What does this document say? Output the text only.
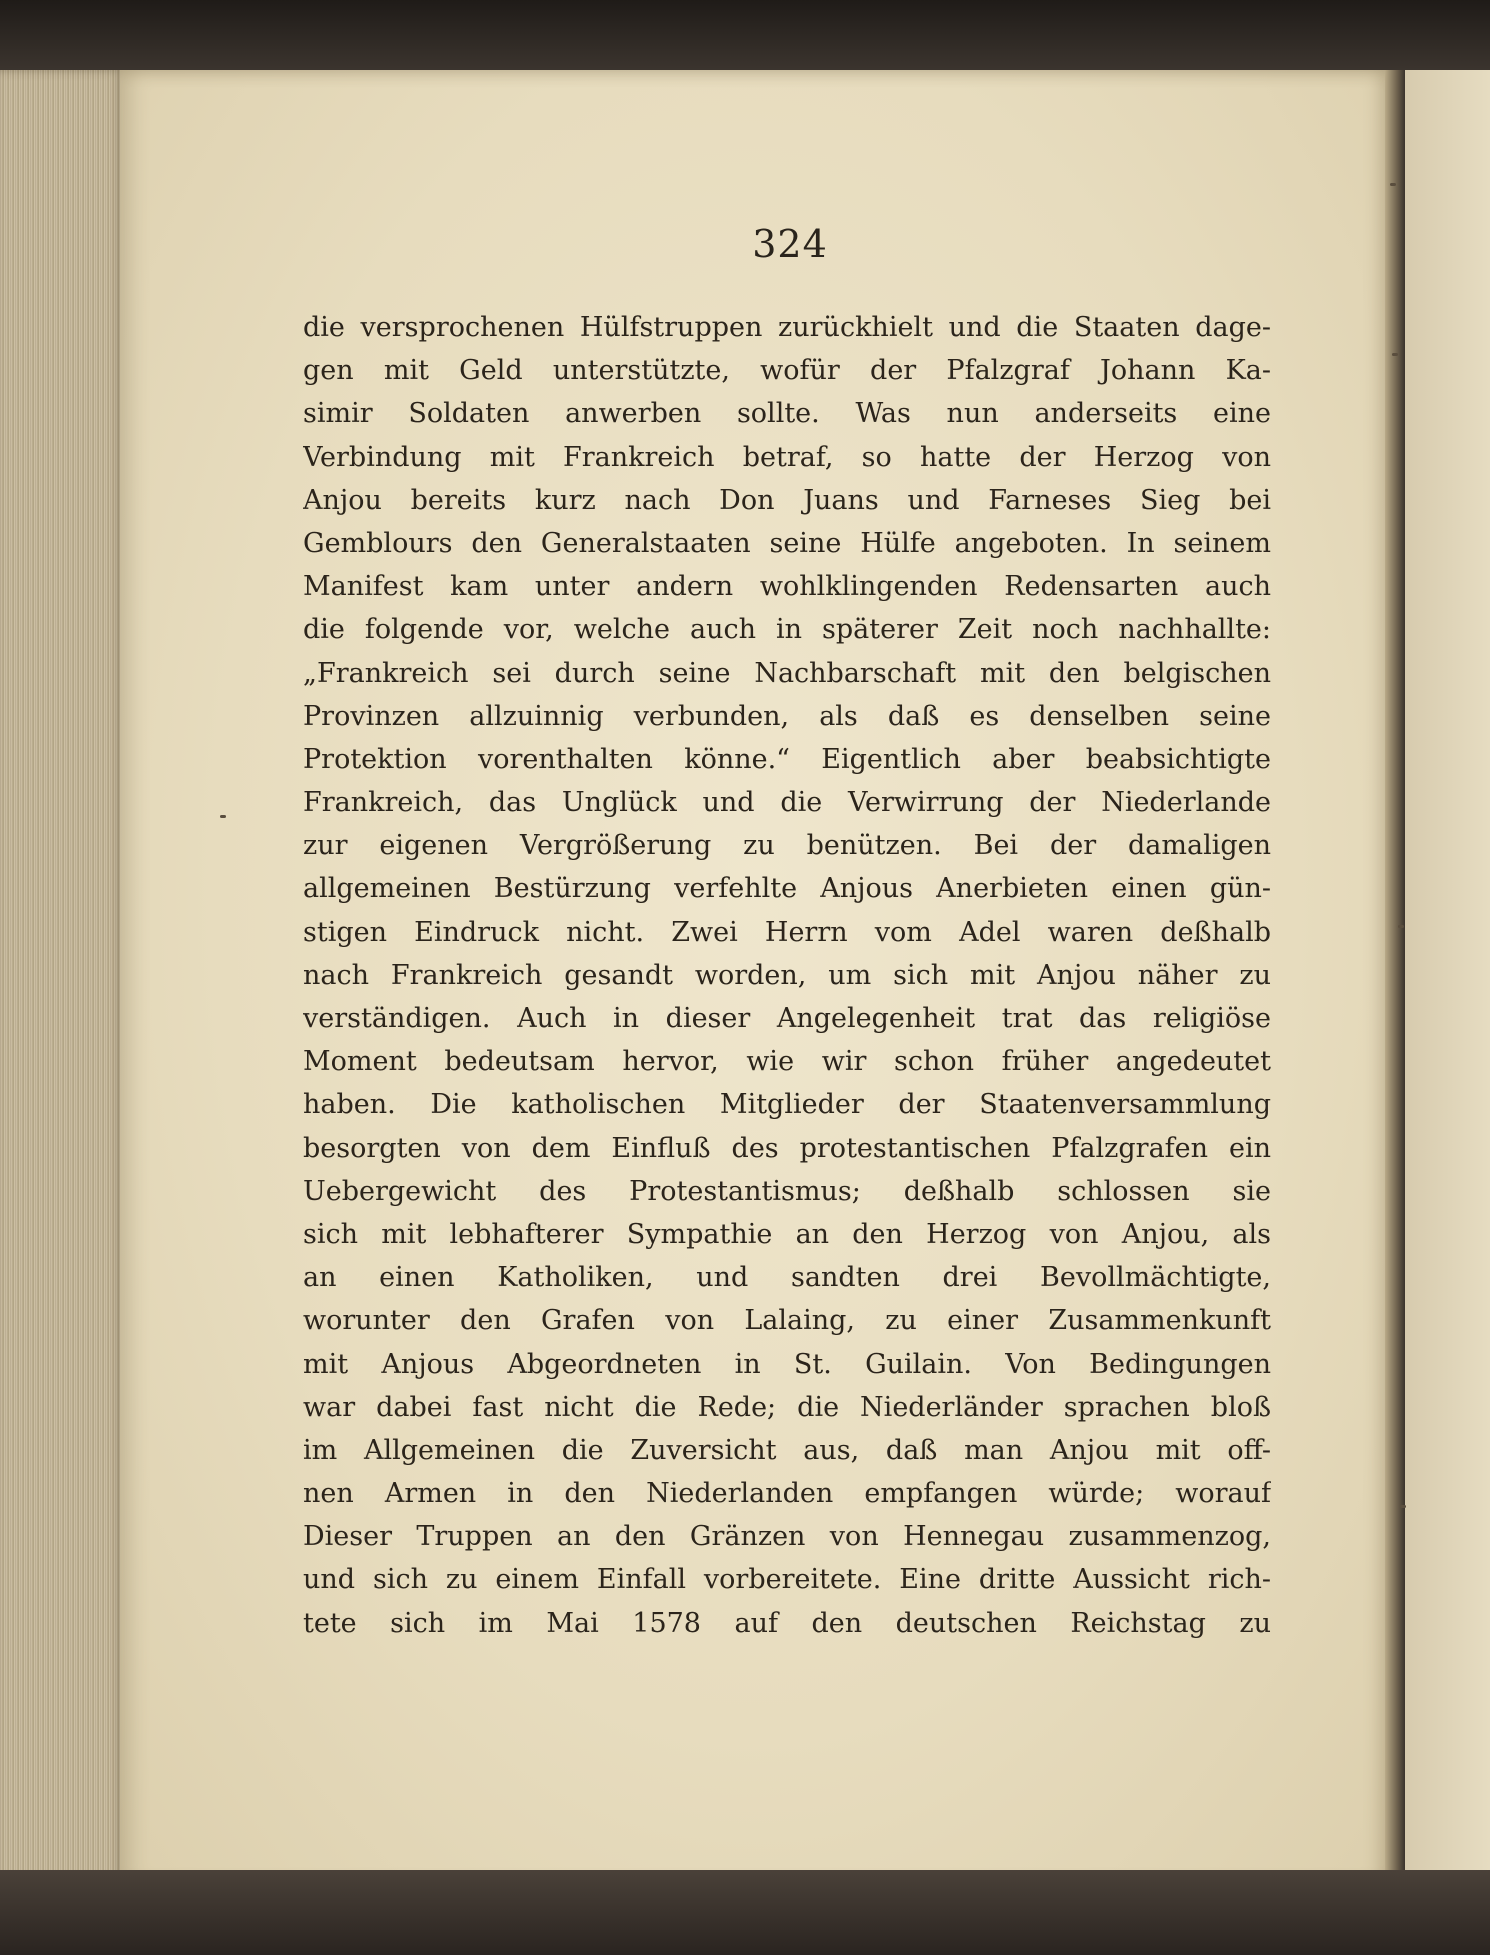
324
die versprochenen Hülfstruppen zurückhielt und die Staaten dage-
gen mit Geld unterstützte, wofür der Pfalzgraf Johann Ka-
simir Soldaten anwerben sollte. Was nun anderseits eine
Verbindung mit Frankreich betraf, so hatte der Herzog von
Anjou bereits kurz nach Don Juans und Farneses Sieg bei
Gemblours den Generalstaaten seine Hülfe angeboten. In seinem
Manifest kam unter andern wohlklingenden Redensarten auch
die folgende vor, welche auch in späterer Zeit noch nachhallte:
„Frankreich sei durch seine Nachbarschaft mit den belgischen
Provinzen allzuinnig verbunden, als daß es denselben seine
Protektion vorenthalten könne.“ Eigentlich aber beabsichtigte
Frankreich, das Unglück und die Verwirrung der Niederlande
zur eigenen Vergrößerung zu benützen. Bei der damaligen
allgemeinen Bestürzung verfehlte Anjous Anerbieten einen gün-
stigen Eindruck nicht. Zwei Herrn vom Adel waren deßhalb
nach Frankreich gesandt worden, um sich mit Anjou näher zu
verständigen. Auch in dieser Angelegenheit trat das religiöse
Moment bedeutsam hervor, wie wir schon früher angedeutet
haben. Die katholischen Mitglieder der Staatenversammlung
besorgten von dem Einfluß des protestantischen Pfalzgrafen ein
Uebergewicht des Protestantismus; deßhalb schlossen sie
sich mit lebhafterer Sympathie an den Herzog von Anjou, als
an einen Katholiken, und sandten drei Bevollmächtigte,
worunter den Grafen von Lalaing, zu einer Zusammenkunft
mit Anjous Abgeordneten in St. Guilain. Von Bedingungen
war dabei fast nicht die Rede; die Niederländer sprachen bloß
im Allgemeinen die Zuversicht aus, daß man Anjou mit off-
nen Armen in den Niederlanden empfangen würde; worauf
Dieser Truppen an den Gränzen von Hennegau zusammenzog,
und sich zu einem Einfall vorbereitete. Eine dritte Aussicht rich-
tete sich im Mai 1578 auf den deutschen Reichstag zu
